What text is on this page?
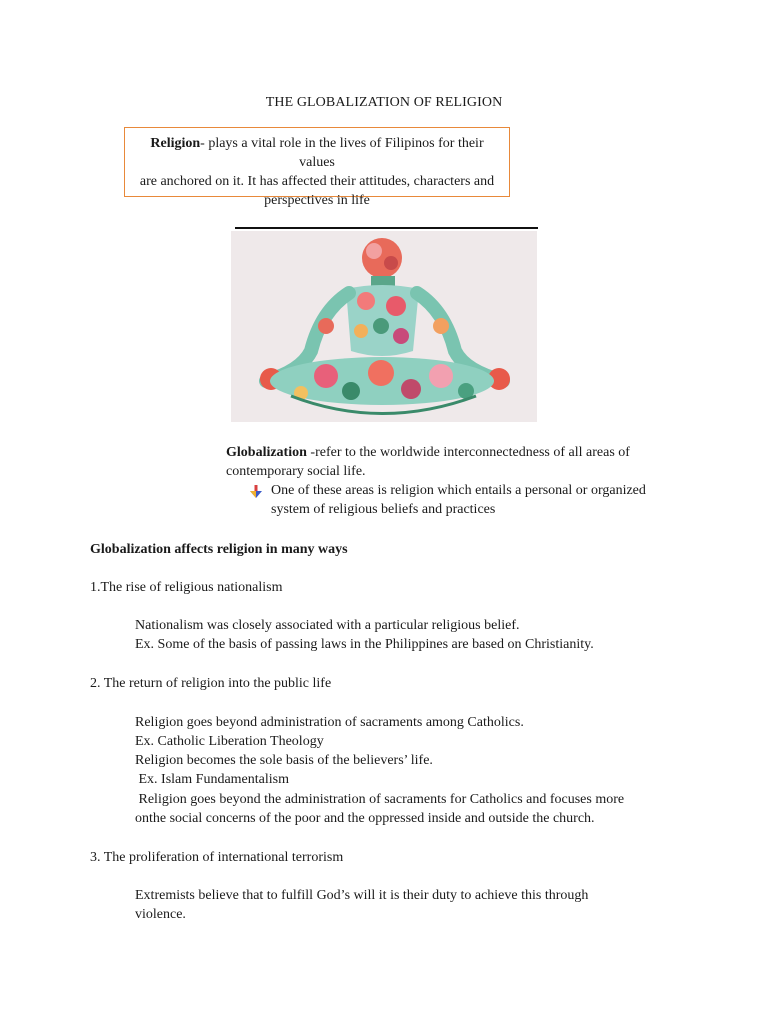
THE GLOBALIZATION OF RELIGION
Religion- plays a vital role in the lives of Filipinos for their values
are anchored on it. It has affected their attitudes, characters and
perspectives in life
Globalization -refer to the worldwide interconnectedness of all areas of
contemporary social life.
One of these areas is religion which entails a personal or organized
system of religious beliefs and practices
Globalization affects religion in many ways
1.The rise of religious nationalism
Nationalism was closely associated with a particular religious belief.
Ex. Some of the basis of passing laws in the Philippines are based on Christianity.
2. The return of religion into the public life
Religion goes beyond administration of sacraments among Catholics.
Ex. Catholic Liberation Theology
Religion becomes the sole basis of the believers’ life.
Ex. Islam Fundamentalism
Religion goes beyond the administration of sacraments for Catholics and focuses more
onthe social concerns of the poor and the oppressed inside and outside the church.
3. The proliferation of international terrorism
Extremists believe that to fulfill God’s will it is their duty to achieve this through
violence.
